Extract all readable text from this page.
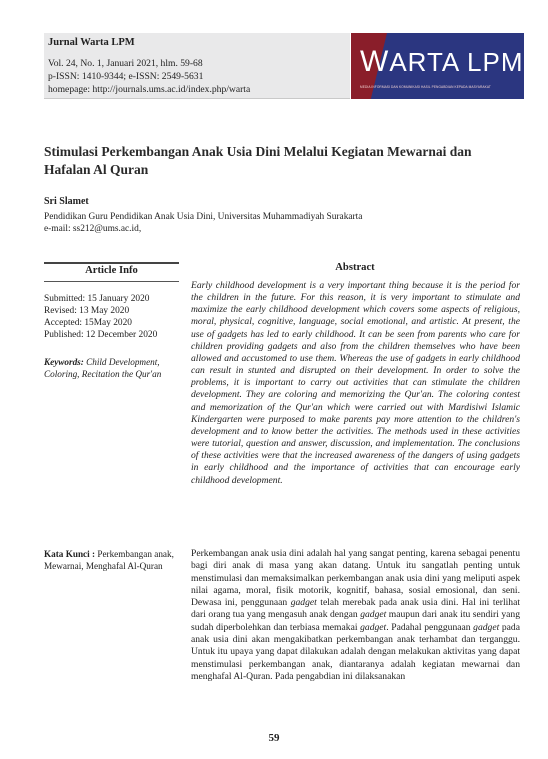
Jurnal Warta LPM
Vol. 24, No. 1, Januari 2021, hlm. 59-68
p-ISSN: 1410-9344; e-ISSN: 2549-5631
homepage: http://journals.ums.ac.id/index.php/warta
WARTA LPM
MEDIA INFORMASI DAN KOMUNIKASI HASIL PENGABDIAN KEPADA MASYARAKAT
Stimulasi Perkembangan Anak Usia Dini Melalui Kegiatan Mewarnai dan Hafalan Al Quran
Sri Slamet
Pendidikan Guru Pendidikan Anak Usia Dini, Universitas Muhammadiyah Surakarta
e-mail: ss212@ums.ac.id,
Article Info
Submitted: 15 January 2020
Revised: 13 May 2020
Accepted: 15May 2020
Published: 12 December 2020
Keywords: Child Development, Coloring, Recitation the Qur'an
Kata Kunci : Perkembangan anak, Mewarnai, Menghafal Al-Quran
Abstract
Early childhood development is a very important thing because it is the period for the children in the future. For this reason, it is very important to stimulate and maximize the early childhood development which covers some aspects of religious, moral, physical, cognitive, language, social emotional, and artistic. At present, the use of gadgets has led to early childhood. It can be seen from parents who care for children providing gadgets and also from the children themselves who have been allowed and accustomed to use them. Whereas the use of gadgets in early childhood can result in stunted and disrupted on their development. In order to solve the problems, it is important to carry out activities that can stimulate the children development. They are coloring and memorizing the Qur'an. The coloring contest and memorization of the Qur'an which were carried out with Mardisiwi Islamic Kindergarten were purposed to make parents pay more attention to the children's development and to know better the activities. The methods used in these activities were tutorial, question and answer, discussion, and implementation. The conclusions of these activities were that the increased awareness of the dangers of using gadgets in early childhood and the importance of activities that can encourage early childhood development.
Perkembangan anak usia dini adalah hal yang sangat penting, karena sebagai penentu bagi diri anak di masa yang akan datang. Untuk itu sangatlah penting untuk menstimulasi dan memaksimalkan perkembangan anak usia dini yang meliputi aspek nilai agama, moral, fisik motorik, kognitif, bahasa, sosial emosional, dan seni. Dewasa ini, penggunaan gadget telah merebak pada anak usia dini. Hal ini terlihat dari orang tua yang mengasuh anak dengan gadget maupun dari anak itu sendiri yang sudah diperbolehkan dan terbiasa memakai gadget. Padahal penggunaan gadget pada anak usia dini akan mengakibatkan perkembangan anak terhambat dan terganggu. Untuk itu upaya yang dapat dilakukan adalah dengan melakukan aktivitas yang dapat menstimulasi perkembangan anak, diantaranya adalah kegiatan mewarnai dan menghafal Al-Quran. Pada pengabdian ini dilaksanakan
59
